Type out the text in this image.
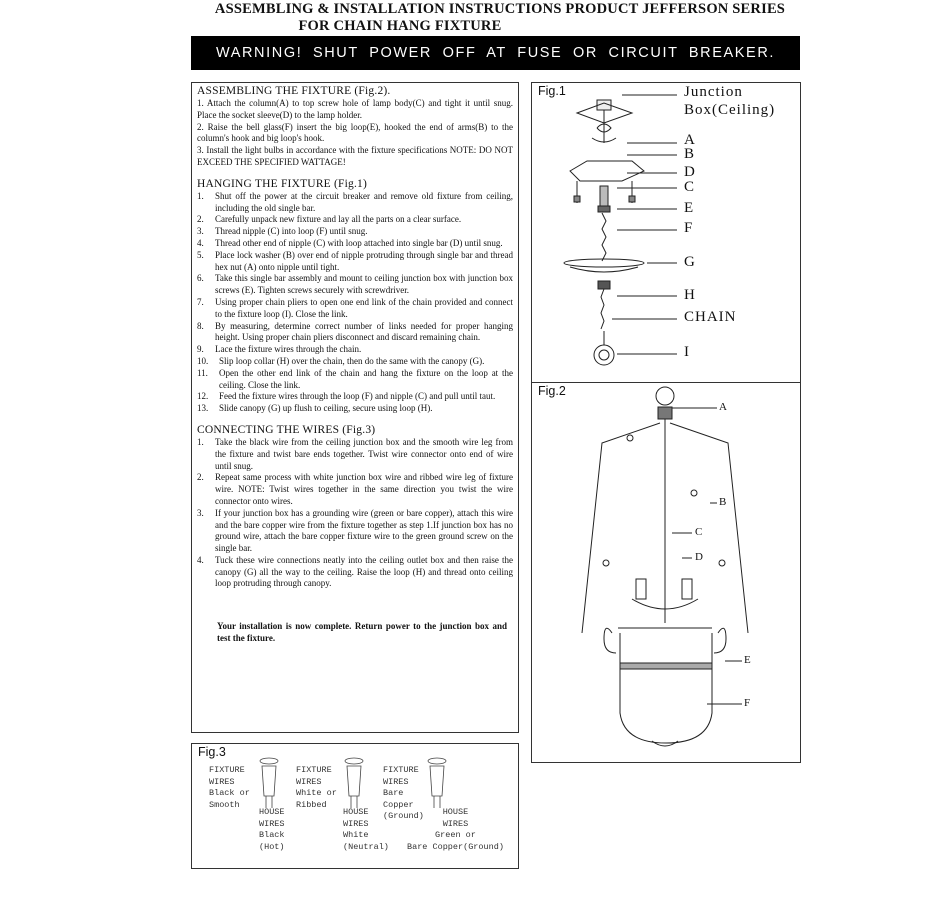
ASSEMBLING & INSTALLATION INSTRUCTIONS PRODUCT JEFFERSON SERIES
FOR CHAIN HANG FIXTURE
WARNING! SHUT POWER OFF AT FUSE OR CIRCUIT BREAKER.

ASSEMBLING THE FIXTURE (Fig.2).

1. Attach the column(A) to top screw hole of lamp body(C) and tight it until snug. Place the socket sleeve(D) to the lamp holder.
2. Raise the bell glass(F) insert the big loop(E), hooked the end of arms(B) to the column's hook and big loop's hook.
3. Install the light bulbs in accordance with the fixture specifications NOTE: DO NOT EXCEED THE SPECIFIED WATTAGE!

HANGING THE FIXTURE (Fig.1)

1.	Shut off the power at the circuit breaker and remove old fixture from ceiling, including the old single bar.
2.	Carefully unpack new fixture and lay all the parts on a clear surface.
3.	Thread nipple (C) into loop (F) until snug.
4.	Thread other end of nipple (C) with loop attached into single bar (D) until snug.
5.	Place lock washer (B) over end of nipple protruding through single bar and thread hex nut (A) onto nipple until tight.
6.	Take this single bar assembly and mount to ceiling junction box with junction box screws (E). Tighten screws securely with screwdriver.
7.	Using proper chain pliers to open one end link of the chain provided and connect to the fixture loop (I). Close the link.
8.	By measuring, determine correct number of links needed for proper hanging height. Using proper chain pliers disconnect and discard remaining chain.
9.	Lace the fixture wires through the chain.
10.	Slip loop collar (H) over the chain, then do the same with the canopy (G).
11.	Open the other end link of the chain and hang the fixture on the loop at the ceiling. Close the link.
12.	Feed the fixture wires through the loop (F) and nipple (C) and pull until taut.
13.	Slide canopy (G) up flush to ceiling, secure using loop (H).

CONNECTING THE WIRES (Fig.3)

1.	Take the black wire from the ceiling junction box and the smooth wire leg from the fixture and twist bare ends together. Twist wire connector onto end of wire until snug.
2.	Repeat same process with white junction box wire and ribbed wire leg of fixture wire. NOTE: Twist wires together in the same direction you twist the wire connector onto wires.
3.	If your junction box has a grounding wire (green or bare copper), attach this wire and the bare copper wire from the fixture together as step 1.If junction box has no ground wire, attach the bare copper fixture wire to the green ground screw on the single bar.
4.	Tuck these wire connections neatly into the ceiling outlet box and then raise the canopy (G) all the way to the ceiling. Raise the loop (H) and thread onto ceiling loop protruding through canopy.
Your installation is now complete. Return power to the junction box and test the fixture.
Fig.1	Junction
Box(Ceiling)
A
B
D
C
E
F
G
H
CHAIN
I
Fig.2
A
B
C
D
E
F
Fig.3
FIXTURE
WIRES
Black or
Smooth
HOUSE
WIRES
Black
(Hot)
FIXTURE
WIRES
White or
Ribbed
HOUSE
WIRES
White
(Neutral)
FIXTURE
WIRES
Bare
Copper
(Ground)	HOUSE
WIRES
Green or
Bare Copper(Ground)
